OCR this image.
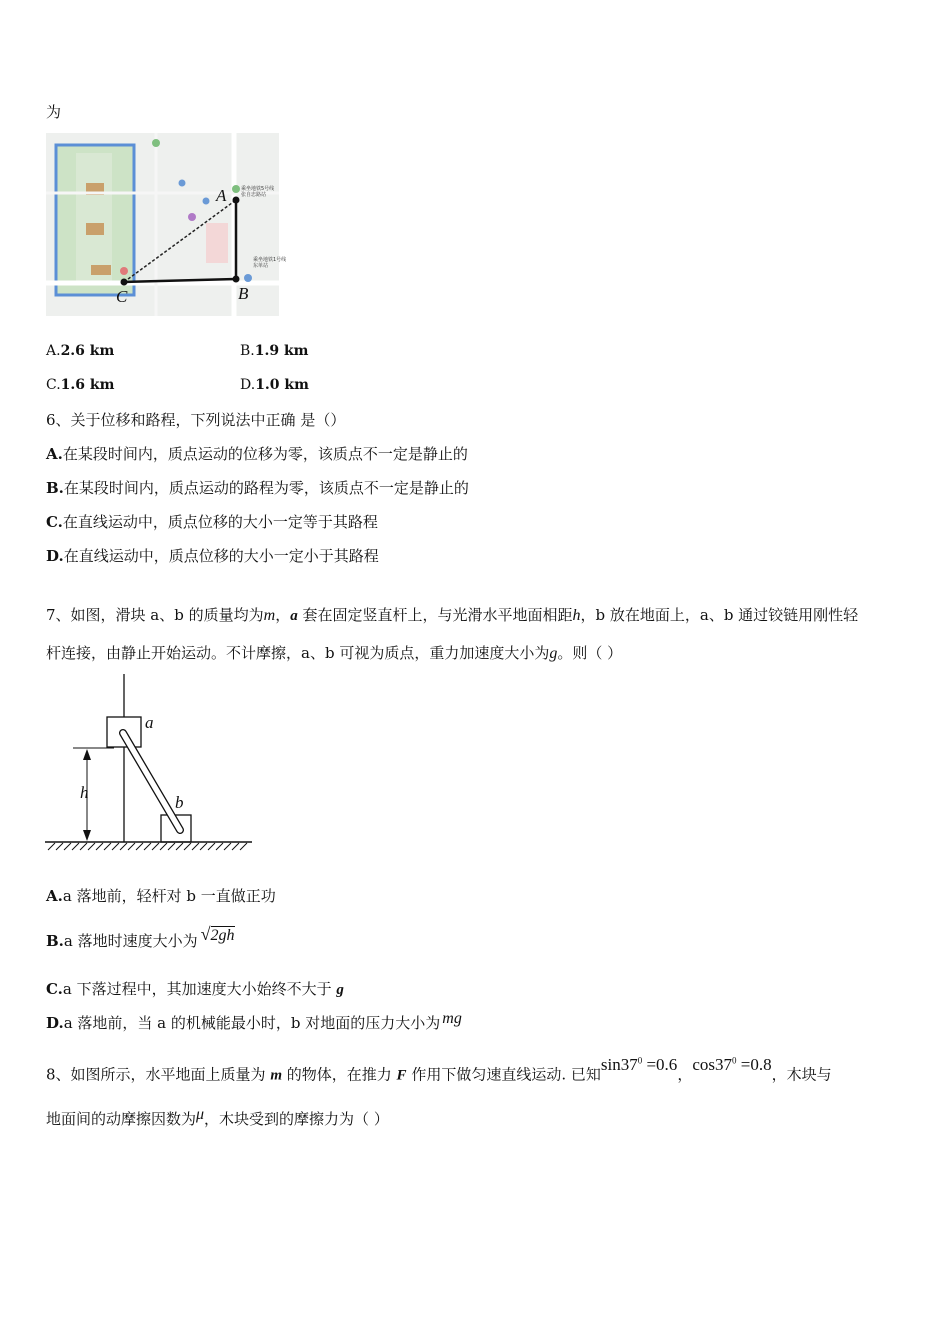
为
乘坐地铁5号线
张自忠路站
乘坐地铁1号线
东单站
A
B
C
A.2.6 km	B.1.9 km
C.1.6 km	D.1.0 km
6、关于位移和路程，下列说法中正确 是（）
A.在某段时间内，质点运动的位移为零，该质点不一定是静止的
B.在某段时间内，质点运动的路程为零，该质点不一定是静止的
C.在直线运动中，质点位移的大小一定等于其路程
D.在直线运动中，质点位移的大小一定小于其路程
7、如图，滑块 a、b 的质量均为m，a 套在固定竖直杆上，与光滑水平地面相距h，b 放在地面上，a、b 通过铰链用刚性轻
杆连接，由静止开始运动。不计摩擦，a、b 可视为质点，重力加速度大小为g。则（ ）
a
b
h
A.a 落地前，轻杆对 b 一直做正功
B.a 落地时速度大小为 √2gh
C.a 下落过程中，其加速度大小始终不大于 g
D.a 落地前，当 a 的机械能最小时，b 对地面的压力大小为 mg
8、如图所示，水平地面上质量为 m 的物体，在推力 F 作用下做匀速直线运动. 已知$\sin 37^0 =0.6$，$\cos 37^0 =0.8$，木块与
地面间的动摩擦因数为μ，木块受到的摩擦力为（ ）
